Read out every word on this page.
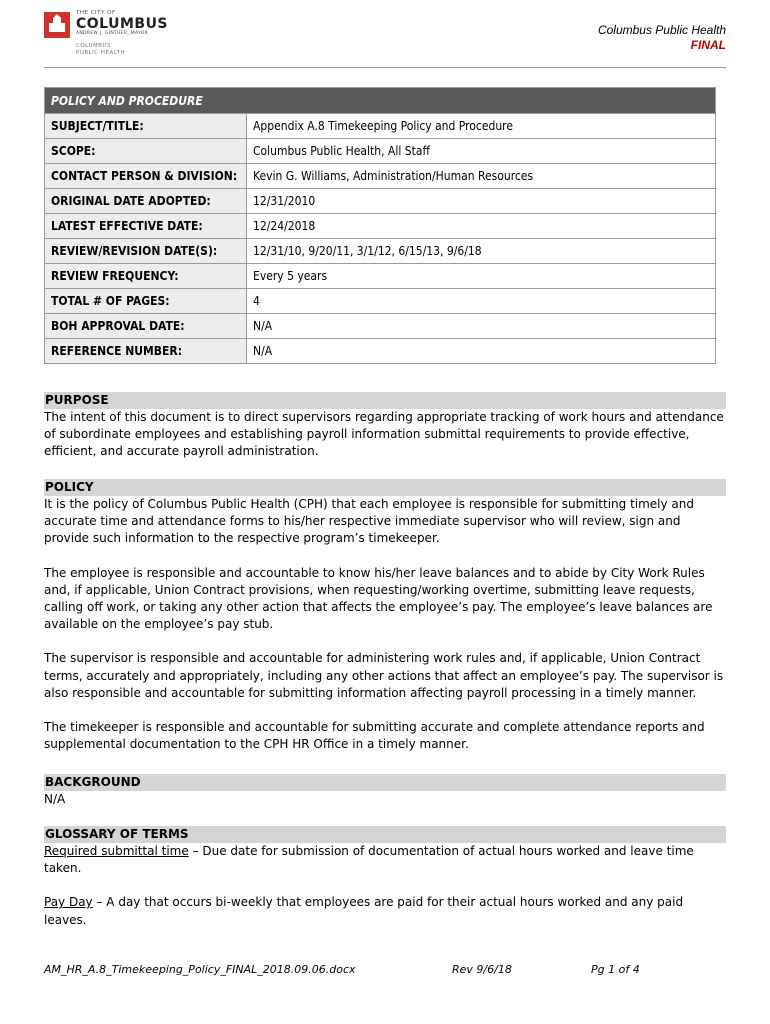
THE CITY OF
COLUMBUS
ANDREW J. GINTHER, MAYOR
COLUMBUS
PUBLIC HEALTH
Columbus Public Health
FINAL
POLICY AND PROCEDURE	
SUBJECT/TITLE:	Appendix A.8 Timekeeping Policy and Procedure
SCOPE:	Columbus Public Health, All Staff
CONTACT PERSON & DIVISION:	Kevin G. Williams, Administration/Human Resources
ORIGINAL DATE ADOPTED:	12/31/2010
LATEST EFFECTIVE DATE:	12/24/2018
REVIEW/REVISION DATE(S):	12/31/10, 9/20/11, 3/1/12, 6/15/13, 9/6/18
REVIEW FREQUENCY:	Every 5 years
TOTAL # OF PAGES:	4
BOH APPROVAL DATE:	N/A
REFERENCE NUMBER:	N/A
PURPOSE

The intent of this document is to direct supervisors regarding appropriate tracking of work hours and attendance of subordinate employees and establishing payroll information submittal requirements to provide effective, efficient, and accurate payroll administration.

POLICY

It is the policy of Columbus Public Health (CPH) that each employee is responsible for submitting timely and accurate time and attendance forms to his/her respective immediate supervisor who will review, sign and provide such information to the respective program’s timekeeper.

The employee is responsible and accountable to know his/her leave balances and to abide by City Work Rules and, if applicable, Union Contract provisions, when requesting/working overtime, submitting leave requests, calling off work, or taking any other action that affects the employee’s pay. The employee’s leave balances are available on the employee’s pay stub.

The supervisor is responsible and accountable for administering work rules and, if applicable, Union Contract terms, accurately and appropriately, including any other actions that affect an employee’s pay. The supervisor is also responsible and accountable for submitting information affecting payroll processing in a timely manner.

The timekeeper is responsible and accountable for submitting accurate and complete attendance reports and supplemental documentation to the CPH HR Office in a timely manner.

BACKGROUND

N/A

GLOSSARY OF TERMS

Required submittal time – Due date for submission of documentation of actual hours worked and leave time taken.

Pay Day – A day that occurs bi-weekly that employees are paid for their actual hours worked and any paid leaves.

AM_HR_A.8_Timekeeping_Policy_FINAL_2018.09.06.docx	Rev 9/6/18	Pg 1 of 4
